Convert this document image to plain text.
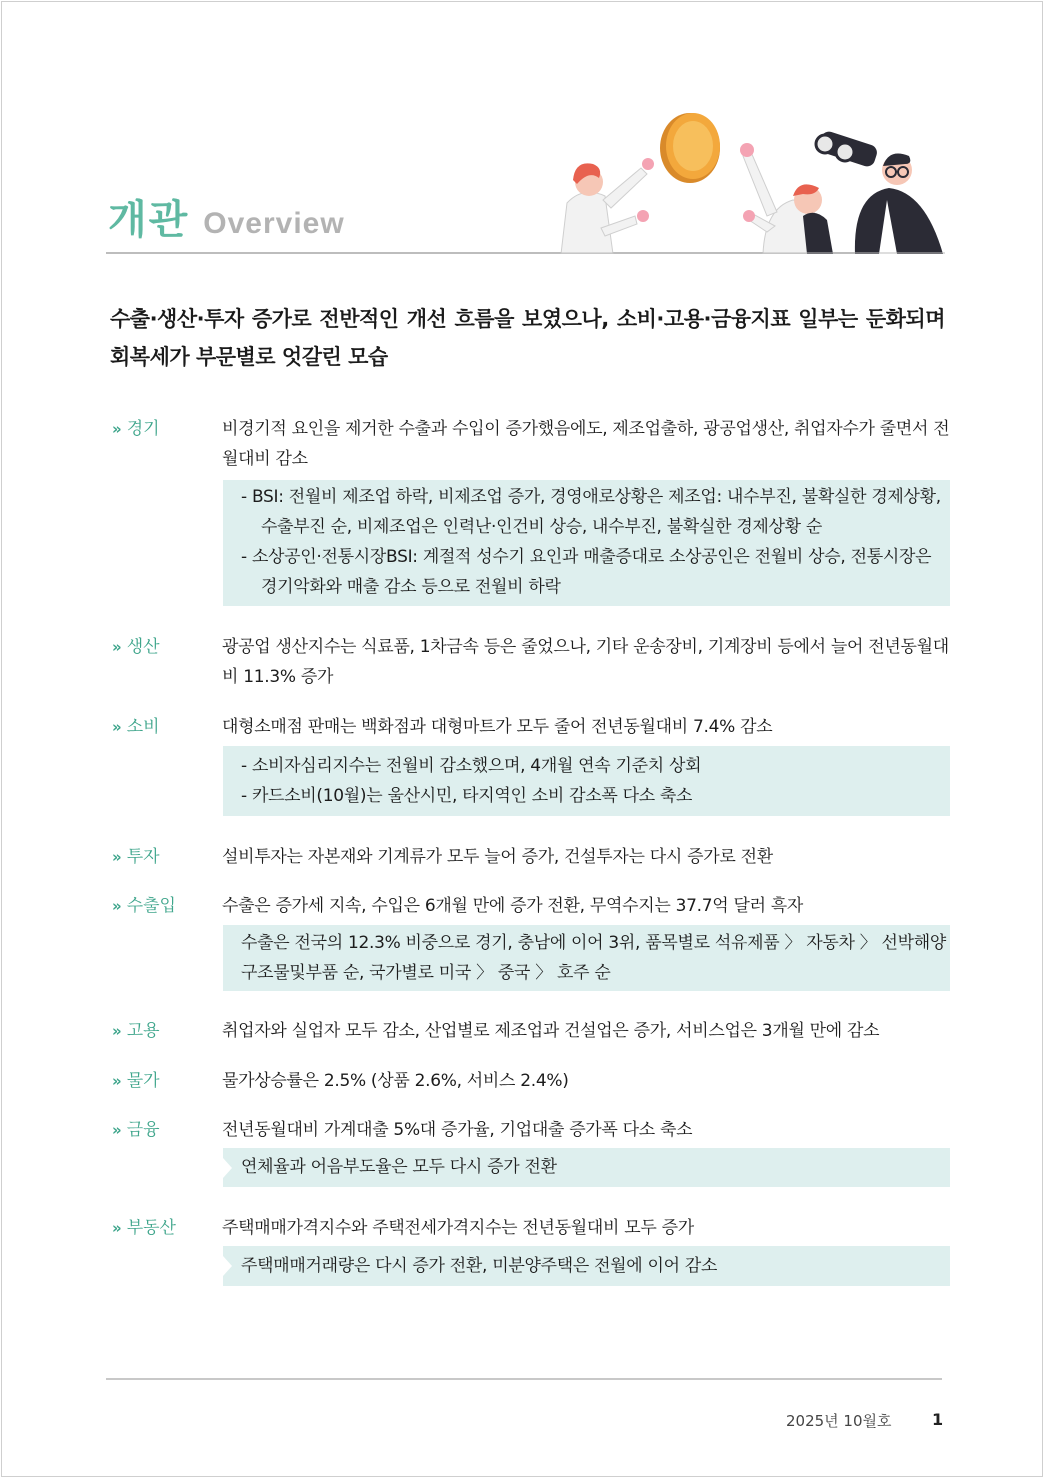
개관 Overview
수출·생산·투자 증가로 전반적인 개선 흐름을 보였으나, 소비·고용·금융지표 일부는 둔화되며 회복세가 부문별로 엇갈린 모습
» 경기	비경기적 요인을 제거한 수출과 수입이 증가했음에도, 제조업출하, 광공업생산, 취업자수가 줄면서 전월대비 감소
- BSI: 전월비 제조업 하락, 비제조업 증가, 경영애로상황은 제조업: 내수부진, 불확실한 경제상황, 수출부진 순, 비제조업은 인력난·인건비 상승, 내수부진, 불확실한 경제상황 순
- 소상공인·전통시장BSI: 계절적 성수기 요인과 매출증대로 소상공인은 전월비 상승, 전통시장은 경기악화와 매출 감소 등으로 전월비 하락
» 생산	광공업 생산지수는 식료품, 1차금속 등은 줄었으나, 기타 운송장비, 기계장비 등에서 늘어 전년동월대비 11.3% 증가
» 소비	대형소매점 판매는 백화점과 대형마트가 모두 줄어 전년동월대비 7.4% 감소
- 소비자심리지수는 전월비 감소했으며, 4개월 연속 기준치 상회
- 카드소비(10월)는 울산시민, 타지역인 소비 감소폭 다소 축소
» 투자	설비투자는 자본재와 기계류가 모두 늘어 증가, 건설투자는 다시 증가로 전환
» 수출입	수출은 증가세 지속, 수입은 6개월 만에 증가 전환, 무역수지는 37.7억 달러 흑자
수출은 전국의 12.3% 비중으로 경기, 충남에 이어 3위, 품목별로 석유제품 〉 자동차 〉 선박해양구조물및부품 순, 국가별로 미국 〉 중국 〉 호주 순
» 고용	취업자와 실업자 모두 감소, 산업별로 제조업과 건설업은 증가, 서비스업은 3개월 만에 감소
» 물가	물가상승률은 2.5% (상품 2.6%, 서비스 2.4%)
» 금융	전년동월대비 가계대출 5%대 증가율, 기업대출 증가폭 다소 축소
연체율과 어음부도율은 모두 다시 증가 전환
» 부동산	주택매매가격지수와 주택전세가격지수는 전년동월대비 모두 증가
주택매매거래량은 다시 증가 전환, 미분양주택은 전월에 이어 감소
2025년 10월호	1
